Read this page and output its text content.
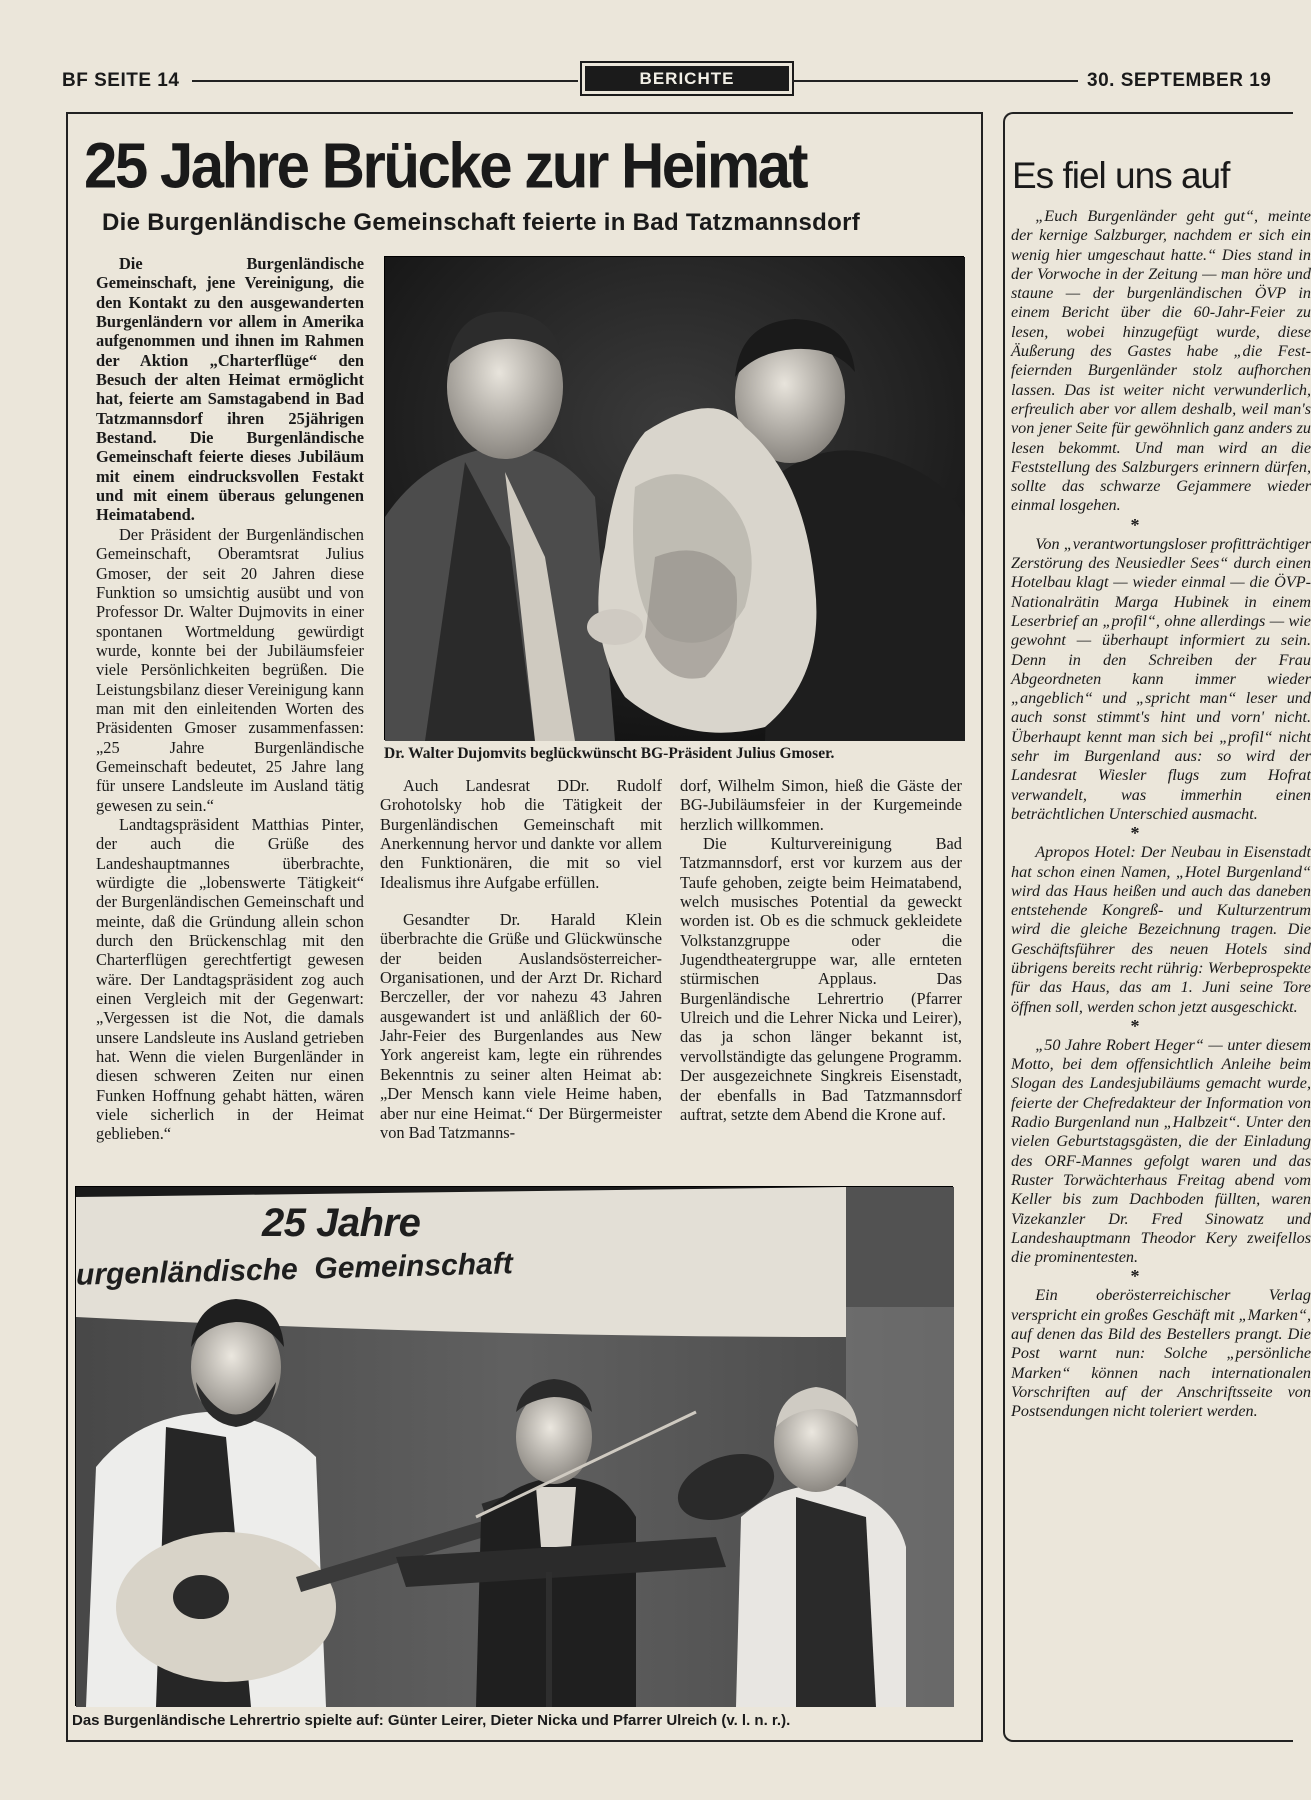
BF SEITE 14	BERICHTE	30. SEPTEMBER 19
25 Jahre Brücke zur Heimat
Die Burgenländische Gemeinschaft feierte in Bad Tatzmannsdorf

Die Burgenländische Gemeinschaft, jene Vereinigung, die den Kontakt zu den ausgewanderten Burgenländern vor allem in Amerika aufgenommen und ihnen im Rahmen der Aktion „Charterflüge“ den Besuch der alten Heimat ermöglicht hat, feierte am Samstagabend in Bad Tatzmannsdorf ihren 25jährigen Bestand. Die Burgenländische Gemeinschaft feierte dieses Jubiläum mit einem eindrucksvollen Festakt und mit einem überaus gelungenen Heimatabend.

Der Präsident der Burgenländischen Gemeinschaft, Oberamtsrat Julius Gmoser, der seit 20 Jahren diese Funktion so umsichtig ausübt und von Professor Dr. Walter Dujmovits in einer spontanen Wortmeldung gewürdigt wurde, konnte bei der Jubiläumsfeier viele Persönlichkeiten begrüßen. Die Leistungsbilanz dieser Vereinigung kann man mit den einleitenden Worten des Präsidenten Gmoser zusammenfassen: „25 Jahre Burgenländische Gemeinschaft bedeutet, 25 Jahre lang für unsere Landsleute im Ausland tätig gewesen zu sein.“

Landtagspräsident Matthias Pinter, der auch die Grüße des Landeshauptmannes überbrachte, würdigte die „lobenswerte Tätigkeit“ der Burgenländischen Gemeinschaft und meinte, daß die Gründung allein schon durch den Brückenschlag mit den Charterflügen gerechtfertigt gewesen wäre. Der Landtagspräsident zog auch einen Vergleich mit der Gegenwart: „Vergessen ist die Not, die damals unsere Landsleute ins Ausland getrieben hat. Wenn die vielen Burgenländer in diesen schweren Zeiten nur einen Funken Hoffnung gehabt hätten, wären viele sicherlich in der Heimat geblieben.“

Dr. Walter Dujomvits beglückwünscht BG-Präsident Julius Gmoser.

Auch Landesrat DDr. Rudolf Grohotolsky hob die Tätigkeit der Burgenländischen Gemeinschaft mit Anerkennung hervor und dankte vor allem den Funktionären, die mit so viel Idealismus ihre Aufgabe erfüllen.

Gesandter Dr. Harald Klein überbrachte die Grüße und Glückwünsche der beiden Auslandsösterreicher-Organisationen, und der Arzt Dr. Richard Berczeller, der vor nahezu 43 Jahren ausgewandert ist und anläßlich der 60-Jahr-Feier des Burgenlandes aus New York angereist kam, legte ein rührendes Bekenntnis zu seiner alten Heimat ab: „Der Mensch kann viele Heime haben, aber nur eine Heimat.“ Der Bürgermeister von Bad Tatzmanns-

dorf, Wilhelm Simon, hieß die Gäste der BG-Jubiläumsfeier in der Kurgemeinde herzlich willkommen.

Die Kulturvereinigung Bad Tatzmannsdorf, erst vor kurzem aus der Taufe gehoben, zeigte beim Heimatabend, welch musisches Potential da geweckt worden ist. Ob es die schmuck gekleidete Volkstanzgruppe oder die Jugendtheatergruppe war, alle ernteten stürmischen Applaus. Das Burgenländische Lehrertrio (Pfarrer Ulreich und die Lehrer Nicka und Leirer), das ja schon länger bekannt ist, vervollständigte das gelungene Programm. Der ausgezeichnete Singkreis Eisenstadt, der ebenfalls in Bad Tatzmannsdorf auftrat, setzte dem Abend die Krone auf.

25 Jahre
urgenländische  Gemeinschaft
Das Burgenländische Lehrertrio spielte auf: Günter Leirer, Dieter Nicka und Pfarrer Ulreich (v. l. n. r.).
Es fiel uns auf

„Euch Burgenländer geht gut“, meinte der kernige Salzburger, nachdem er sich ein wenig hier umgeschaut hatte.“ Dies stand in der Vorwoche in der Zeitung — man höre und staune — der burgenländischen ÖVP in einem Bericht über die 60-Jahr-Feier zu lesen, wobei hinzugefügt wurde, diese Äußerung des Gastes habe „die Fest-feiernden Burgenländer stolz aufhorchen lassen. Das ist weiter nicht verwunderlich, erfreulich aber vor allem deshalb, weil man's von jener Seite für gewöhnlich ganz anders zu lesen bekommt. Und man wird an die Feststellung des Salzburgers erinnern dürfen, sollte das schwarze Gejammere wieder einmal losgehen.

*

Von „verantwortungsloser profitträchtiger Zerstörung des Neusiedler Sees“ durch einen Hotelbau klagt — wieder einmal — die ÖVP-Nationalrätin Marga Hubinek in einem Leserbrief an „profil“, ohne allerdings — wie gewohnt — überhaupt informiert zu sein. Denn in den Schreiben der Frau Abgeordneten kann immer wieder „angeblich“ und „spricht man“ leser und auch sonst stimmt's hint und vorn' nicht. Überhaupt kennt man sich bei „profil“ nicht sehr im Burgenland aus: so wird der Landesrat Wiesler flugs zum Hofrat verwandelt, was immerhin einen beträchtlichen Unterschied ausmacht.

*

Apropos Hotel: Der Neubau in Eisenstadt hat schon einen Namen, „Hotel Burgenland“ wird das Haus heißen und auch das daneben entstehende Kongreß- und Kulturzentrum wird die gleiche Bezeichnung tragen. Die Geschäftsführer des neuen Hotels sind übrigens bereits recht rührig: Werbeprospekte für das Haus, das am 1. Juni seine Tore öffnen soll, werden schon jetzt ausgeschickt.

*

„50 Jahre Robert Heger“ — unter diesem Motto, bei dem offensichtlich Anleihe beim Slogan des Landesjubiläums gemacht wurde, feierte der Chefredakteur der Information von Radio Burgenland nun „Halbzeit“. Unter den vielen Geburtstagsgästen, die der Einladung des ORF-Mannes gefolgt waren und das Ruster Torwächterhaus Freitag abend vom Keller bis zum Dachboden füllten, waren Vizekanzler Dr. Fred Sinowatz und Landeshauptmann Theodor Kery zweifellos die prominentesten.

*

Ein oberösterreichischer Verlag verspricht ein großes Geschäft mit „Marken“, auf denen das Bild des Bestellers prangt. Die Post warnt nun: Solche „persönliche Marken“ können nach internationalen Vorschriften auf der Anschriftsseite von Postsendungen nicht toleriert werden.
